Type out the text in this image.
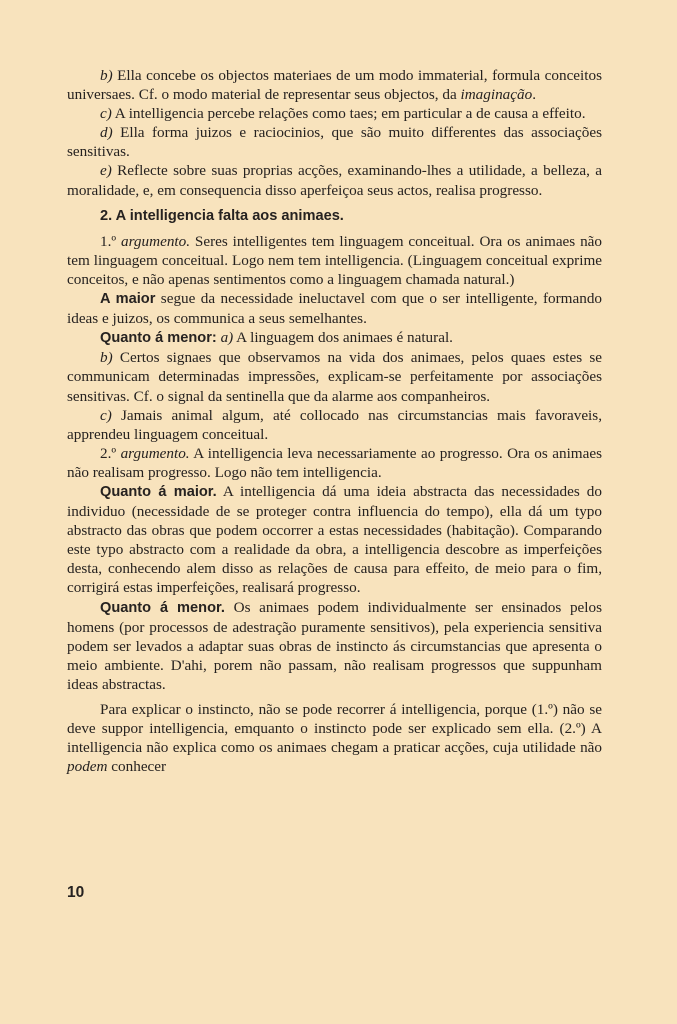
b) Ella concebe os objectos materiaes de um modo immaterial, formula conceitos universaes. Cf. o modo material de representar seus objectos, da imaginação.

c) A intelligencia percebe relações como taes; em particular a de causa a effeito.

d) Ella forma juizos e raciocinios, que são muito differentes das associações sensitivas.

e) Reflecte sobre suas proprias acções, examinando-lhes a utilidade, a belleza, a moralidade, e, em consequencia disso aperfeiçoa seus actos, realisa progresso.

2. A intelligencia falta aos animaes.

1.º argumento. Seres intelligentes tem linguagem conceitual. Ora os animaes não tem linguagem conceitual. Logo nem tem intelligencia. (Linguagem conceitual exprime conceitos, e não apenas sentimentos como a linguagem chamada natural.)

A maior segue da necessidade ineluctavel com que o ser intelligente, formando ideas e juizos, os communica a seus semelhantes.

Quanto á menor: a) A linguagem dos animaes é natural.

b) Certos signaes que observamos na vida dos animaes, pelos quaes estes se communicam determinadas impressões, explicam-se perfeitamente por associações sensitivas. Cf. o signal da sentinella que da alarme aos companheiros.

c) Jamais animal algum, até collocado nas circumstancias mais favoraveis, apprendeu linguagem conceitual.

2.º argumento. A intelligencia leva necessariamente ao progresso. Ora os animaes não realisam progresso. Logo não tem intelligencia.

Quanto á maior. A intelligencia dá uma ideia abstracta das necessidades do individuo (necessidade de se proteger contra influencia do tempo), ella dá um typo abstracto das obras que podem occorrer a estas necessidades (habitação). Comparando este typo abstracto com a realidade da obra, a intelligencia descobre as imperfeições desta, conhecendo alem disso as relações de causa para effeito, de meio para o fim, corrigirá estas imperfeições, realisará progresso.

Quanto á menor. Os animaes podem individualmente ser ensinados pelos homens (por processos de adestração puramente sensitivos), pela experiencia sensitiva podem ser levados a adaptar suas obras de instincto ás circumstancias que apresenta o meio ambiente. D'ahi, porem não passam, não realisam progressos que suppunham ideas abstractas.

Para explicar o instincto, não se pode recorrer á intelligencia, porque (1.º) não se deve suppor intelligencia, emquanto o instincto pode ser explicado sem ella. (2.º) A intelligencia não explica como os animaes chegam a praticar acções, cuja utilidade não podem conhecer

10
